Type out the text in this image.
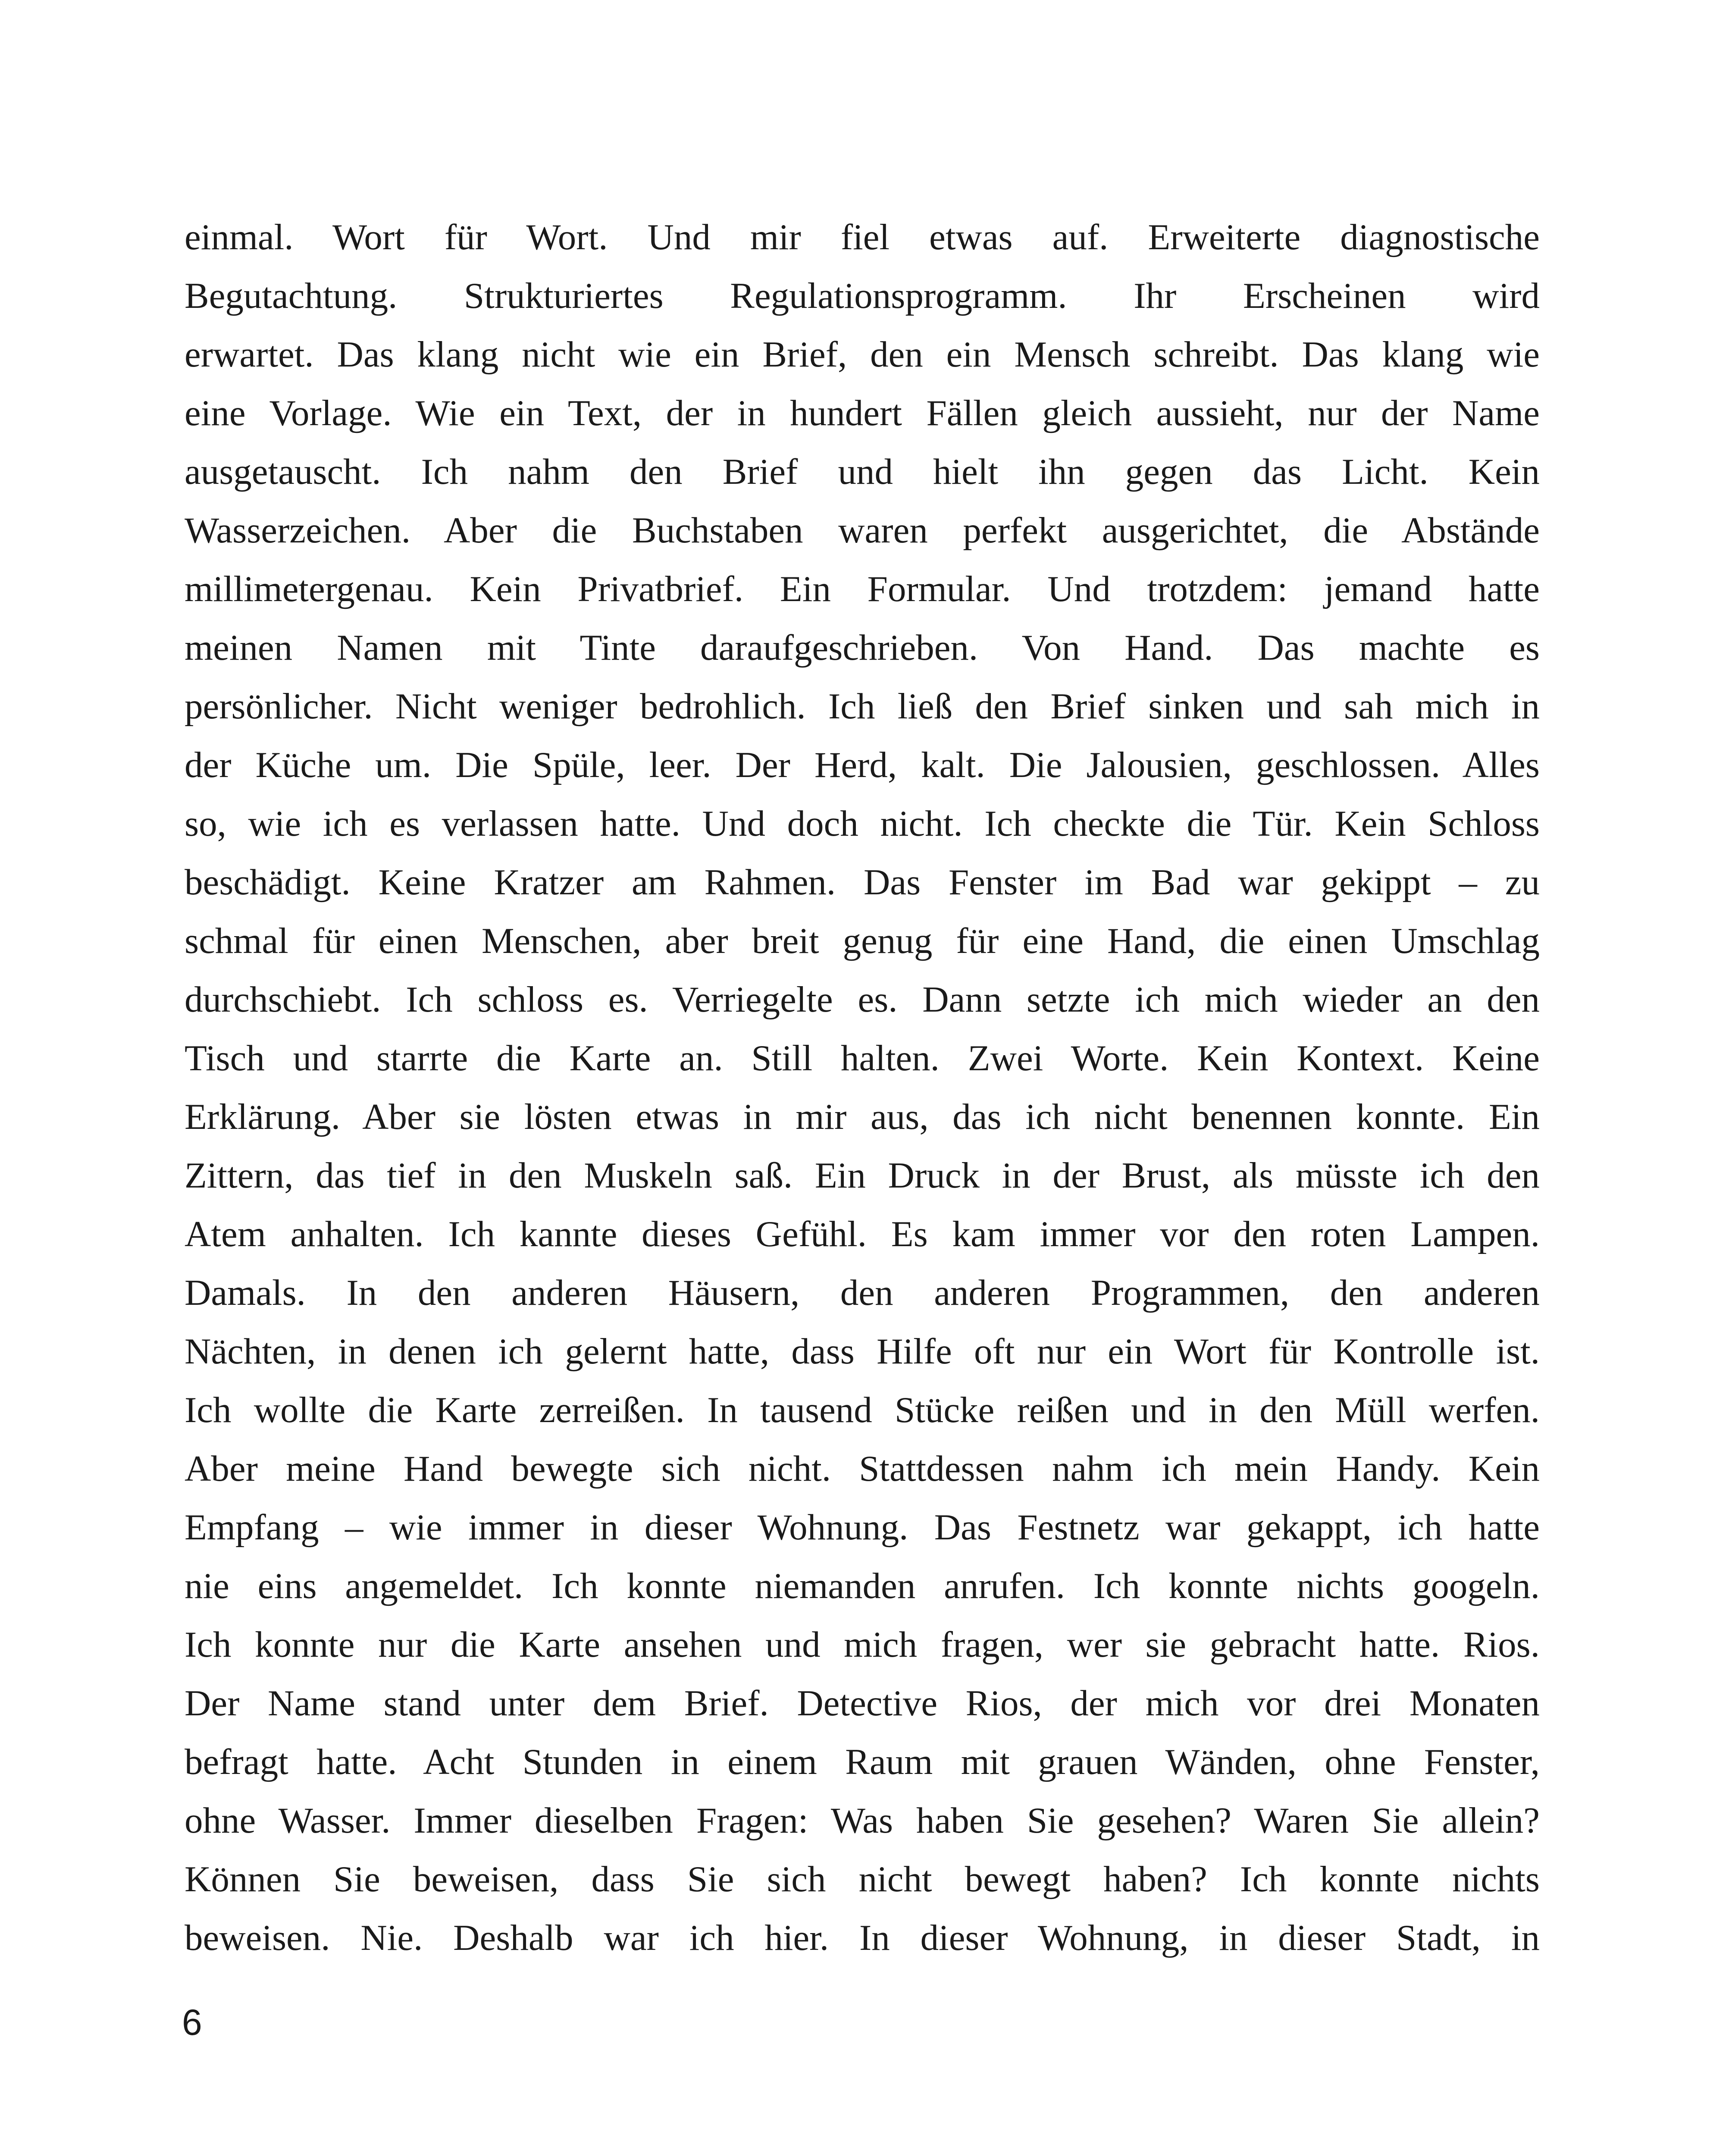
einmal. Wort für Wort. Und mir fiel etwas auf. Erweiterte diagnostische
Begutachtung. Strukturiertes Regulationsprogramm. Ihr Erscheinen wird
erwartet. Das klang nicht wie ein Brief, den ein Mensch schreibt. Das klang wie
eine Vorlage. Wie ein Text, der in hundert Fällen gleich aussieht, nur der Name
ausgetauscht. Ich nahm den Brief und hielt ihn gegen das Licht. Kein
Wasserzeichen. Aber die Buchstaben waren perfekt ausgerichtet, die Abstände
millimetergenau. Kein Privatbrief. Ein Formular. Und trotzdem: jemand hatte
meinen Namen mit Tinte daraufgeschrieben. Von Hand. Das machte es
persönlicher. Nicht weniger bedrohlich. Ich ließ den Brief sinken und sah mich in
der Küche um. Die Spüle, leer. Der Herd, kalt. Die Jalousien, geschlossen. Alles
so, wie ich es verlassen hatte. Und doch nicht. Ich checkte die Tür. Kein Schloss
beschädigt. Keine Kratzer am Rahmen. Das Fenster im Bad war gekippt – zu
schmal für einen Menschen, aber breit genug für eine Hand, die einen Umschlag
durchschiebt. Ich schloss es. Verriegelte es. Dann setzte ich mich wieder an den
Tisch und starrte die Karte an. Still halten. Zwei Worte. Kein Kontext. Keine
Erklärung. Aber sie lösten etwas in mir aus, das ich nicht benennen konnte. Ein
Zittern, das tief in den Muskeln saß. Ein Druck in der Brust, als müsste ich den
Atem anhalten. Ich kannte dieses Gefühl. Es kam immer vor den roten Lampen.
Damals. In den anderen Häusern, den anderen Programmen, den anderen
Nächten, in denen ich gelernt hatte, dass Hilfe oft nur ein Wort für Kontrolle ist.
Ich wollte die Karte zerreißen. In tausend Stücke reißen und in den Müll werfen.
Aber meine Hand bewegte sich nicht. Stattdessen nahm ich mein Handy. Kein
Empfang – wie immer in dieser Wohnung. Das Festnetz war gekappt, ich hatte
nie eins angemeldet. Ich konnte niemanden anrufen. Ich konnte nichts googeln.
Ich konnte nur die Karte ansehen und mich fragen, wer sie gebracht hatte. Rios.
Der Name stand unter dem Brief. Detective Rios, der mich vor drei Monaten
befragt hatte. Acht Stunden in einem Raum mit grauen Wänden, ohne Fenster,
ohne Wasser. Immer dieselben Fragen: Was haben Sie gesehen? Waren Sie allein?
Können Sie beweisen, dass Sie sich nicht bewegt haben? Ich konnte nichts
beweisen. Nie. Deshalb war ich hier. In dieser Wohnung, in dieser Stadt, in
6
